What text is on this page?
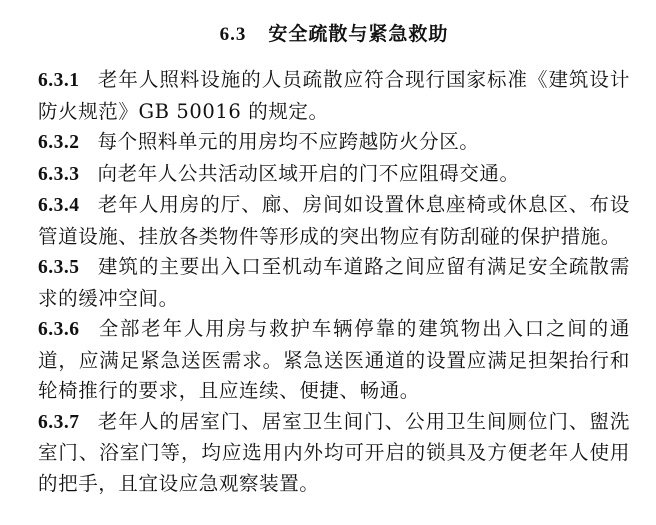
6.3 安全疏散与紧急救助

6.3.1 老年人照料设施的人员疏散应符合现行国家标准《建筑设计防火规范》GB 50016 的规定。

6.3.2 每个照料单元的用房均不应跨越防火分区。

6.3.3 向老年人公共活动区域开启的门不应阻碍交通。

6.3.4 老年人用房的厅、廊、房间如设置休息座椅或休息区、布设管道设施、挂放各类物件等形成的突出物应有防刮碰的保护措施。

6.3.5 建筑的主要出入口至机动车道路之间应留有满足安全疏散需求的缓冲空间。

6.3.6 全部老年人用房与救护车辆停靠的建筑物出入口之间的通道，应满足紧急送医需求。紧急送医通道的设置应满足担架抬行和轮椅推行的要求，且应连续、便捷、畅通。

6.3.7 老年人的居室门、居室卫生间门、公用卫生间厕位门、盥洗室门、浴室门等，均应选用内外均可开启的锁具及方便老年人使用的把手，且宜设应急观察装置。
